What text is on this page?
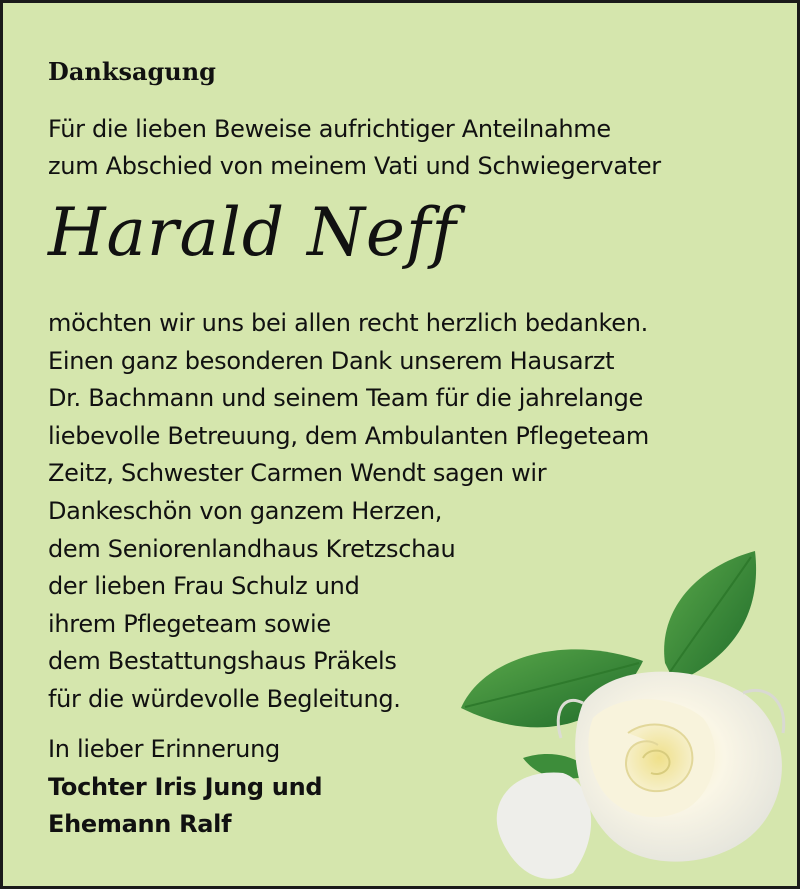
Danksagung
Für die lieben Beweise aufrichtiger Anteilnahme
zum Abschied von meinem Vati und Schwiegervater
Harald Neff
möchten wir uns bei allen recht herzlich bedanken.
Einen ganz besonderen Dank unserem Hausarzt
Dr. Bachmann und seinem Team für die jahrelange
liebevolle Betreuung, dem Ambulanten Pflegeteam
Zeitz, Schwester Carmen Wendt sagen wir
Dankeschön von ganzem Herzen,
dem Seniorenlandhaus Kretzschau
der lieben Frau Schulz und
ihrem Pflegeteam sowie
dem Bestattungshaus Präkels
für die würdevolle Begleitung.
In lieber Erinnerung
Tochter Iris Jung und
Ehemann Ralf
